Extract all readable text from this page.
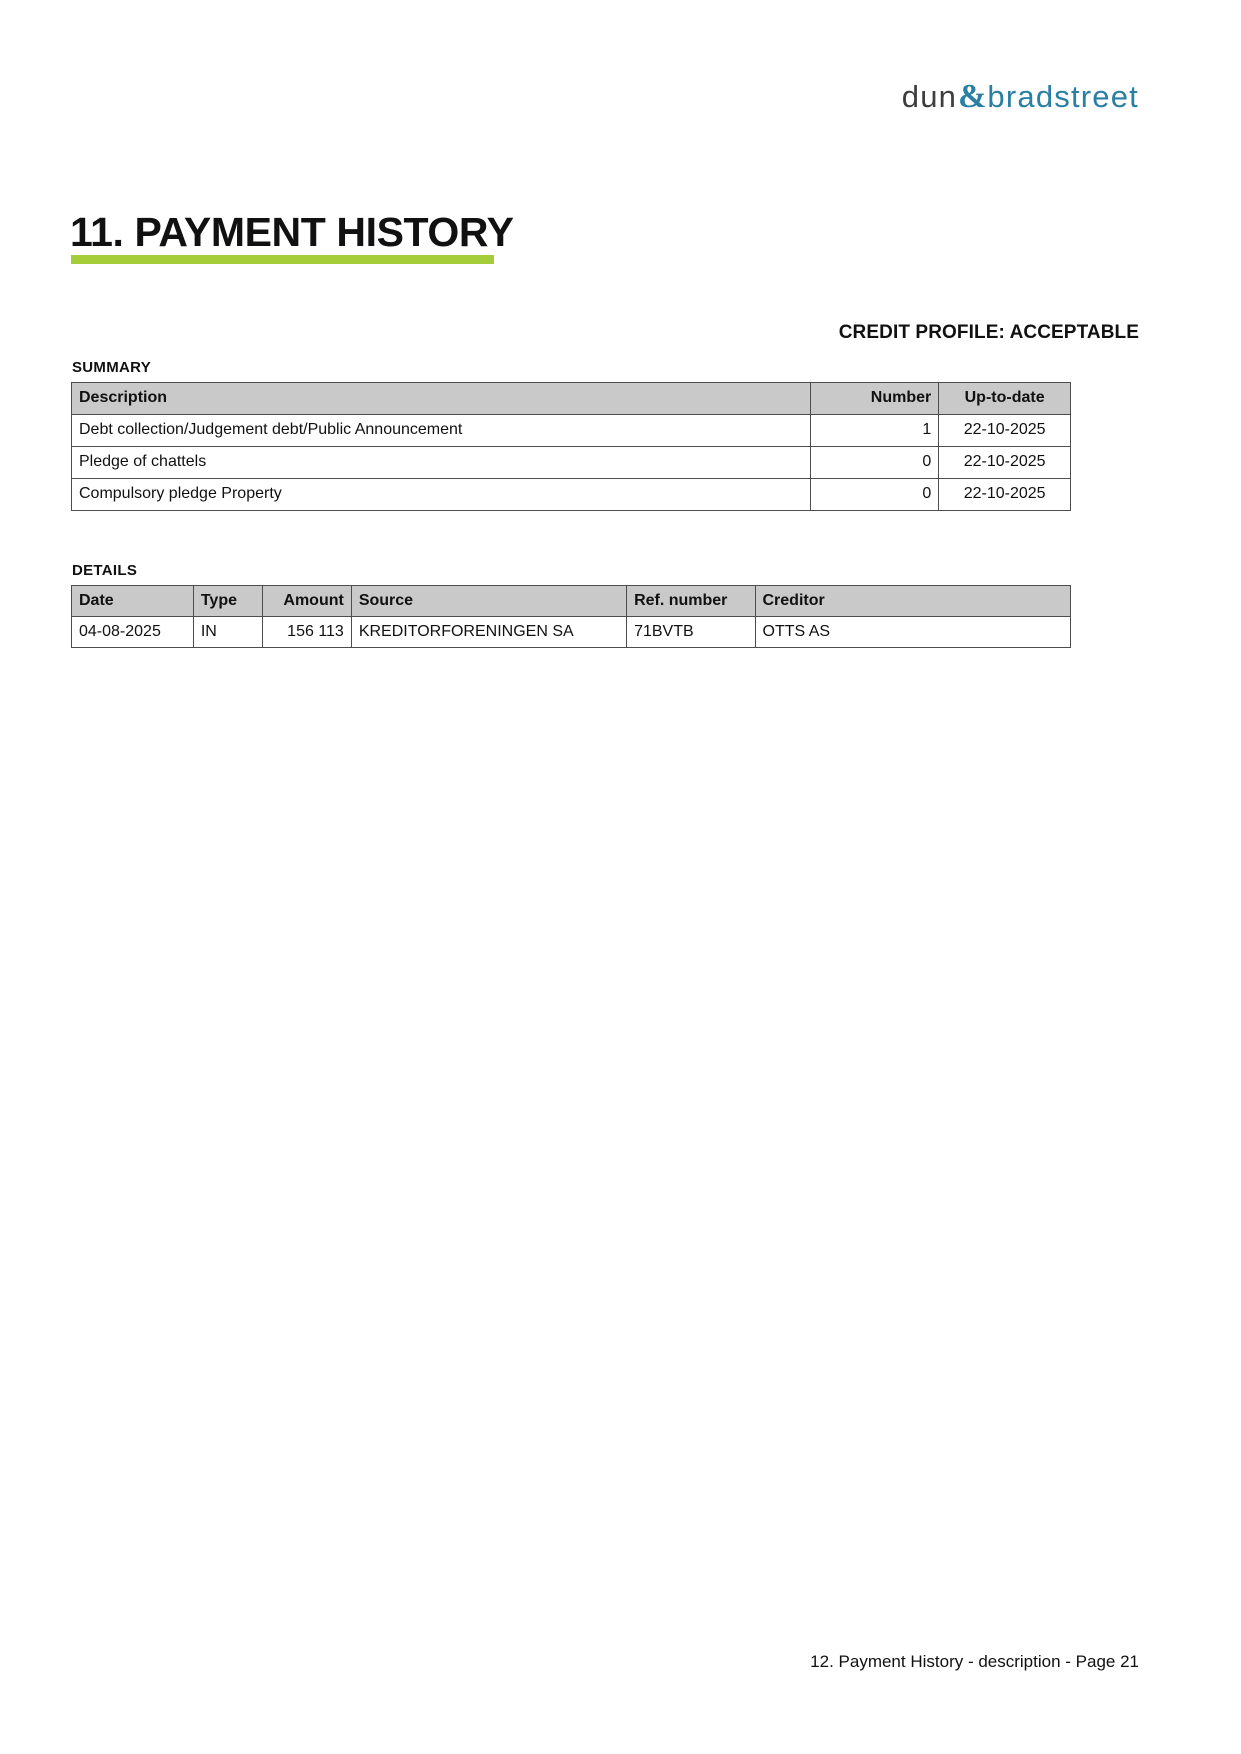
dun & bradstreet
11. PAYMENT HISTORY
CREDIT PROFILE: ACCEPTABLE
SUMMARY
Description	Number	Up-to-date
Debt collection/Judgement debt/Public Announcement	1	22-10-2025
Pledge of chattels	0	22-10-2025
Compulsory pledge Property	0	22-10-2025
DETAILS
Date	Type	Amount	Source	Ref. number	Creditor
04-08-2025	IN	156 113	KREDITORFORENINGEN SA	71BVTB	OTTS AS
12. Payment History - description - Page 21
